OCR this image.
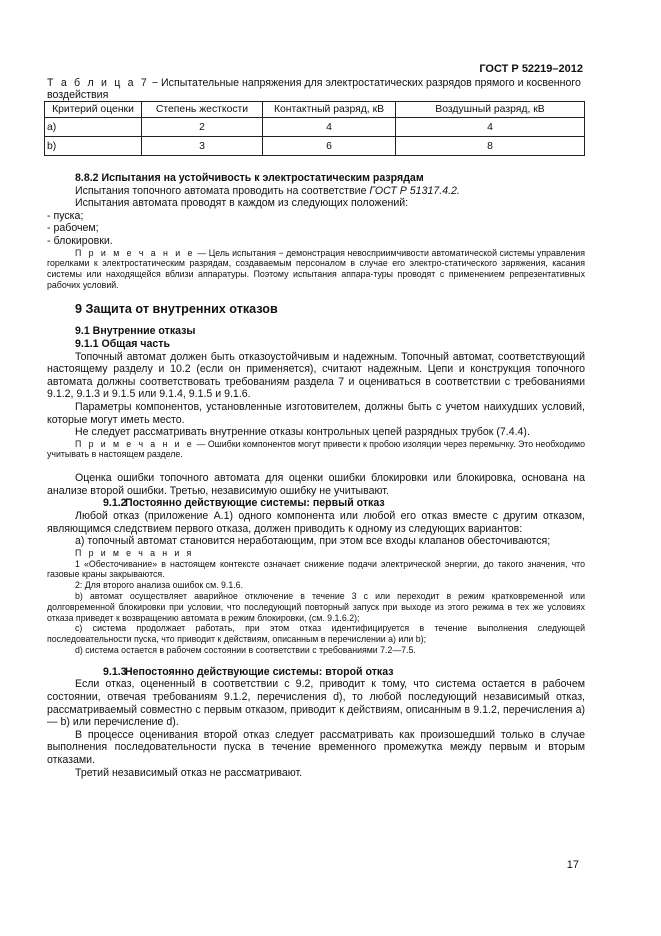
ГОСТ Р 52219–2012
Т а б л и ц а 7 − Испытательные напряжения для электростатических разрядов прямого и косвенного воздействия
Критерий оценки	Степень жесткости	Контактный разряд, кВ	Воздушный разряд, кВ
а)	2	4	4
b)	3	6	8

8.8.2 Испытания на устойчивость к электростатическим разрядам

Испытания топочного автомата проводить на соответствие ГОСТ Р 51317.4.2.

Испытания автомата проводят в каждом из следующих положений:

- пуска;

- рабочем;

- блокировки.

П р и м е ч а н и е — Цель испытания − демонстрация невосприимчивости автоматической системы управления горелками к электростатическим разрядам, создаваемым персоналом в случае его электро-статического заряжения, касания системы или находящейся вблизи аппаратуры. Поэтому испытания аппара-туры проводят с применением репрезентативных рабочих условий.

9 Защита от внутренних отказов

9.1 Внутренние отказы

9.1.1 Общая часть

Топочный автомат должен быть отказоустойчивым и надежным. Топочный автомат, соответствующий настоящему разделу и 10.2 (если он применяется), считают надежным. Цепи и конструкция топочного автомата должны соответствовать требованиям раздела 7 и оцениваться в соответствии с требованиями 9.1.2, 9.1.3 и 9.1.5 или 9.1.4, 9.1.5 и 9.1.6.

Параметры компонентов, установленные изготовителем, должны быть с учетом наихудших условий, которые могут иметь место.

Не следует рассматривать внутренние отказы контрольных цепей разрядных трубок (7.4.4).

П р и м е ч а н и е — Ошибки компонентов могут привести к пробою изоляции через перемычку. Это необходимо учитывать в настоящем разделе.

Оценка ошибки топочного автомата для оценки ошибки блокировки или блокировка, основана на анализе второй ошибки. Третью, независимую ошибку не учитывают.

9.1.2Постоянно действующие системы: первый отказ

Любой отказ (приложение А.1) одного компонента или любой его отказ вместе с другим отказом, являющимся следствием первого отказа, должен приводить к одному из следующих вариантов:

а) топочный автомат становится неработающим, при этом все входы клапанов обесточиваются;

П р и м е ч а н и я

1 «Обесточивание» в настоящем контексте означает снижение подачи электрической энергии, до такого значения, что газовые краны закрываются.

2: Для второго анализа ошибок см. 9.1.6.

b) автомат осуществляет аварийное отключение в течение 3 с или переходит в режим кратковременной или долговременной блокировки при условии, что последующий повторный запуск при выходе из этого режима в тех же условиях отказа приведет к возвращению автомата в режим блокировки, (см. 9.1.6.2);

c) система продолжает работать, при этом отказ идентифицируется в течение выполнения следующей последовательности пуска, что приводит к действиям, описанным в перечислении а) или b);

d) система остается в рабочем состоянии в соответствии с требованиями 7.2—7.5.

9.1.3Непостоянно действующие системы: второй отказ

Если отказ, оцененный в соответствии с 9.2, приводит к тому, что система остается в рабочем состоянии, отвечая требованиям 9.1.2, перечисления d), то любой последующий независимый отказ, рассматриваемый совместно с первым отказом, приводит к действиям, описанным в 9.1.2, перечисления а) — b) или перечисление d).

В процессе оценивания второй отказ следует рассматривать как произошедший только в случае выполнения последовательности пуска в течение временного промежутка между первым и вторым отказами.

Третий независимый отказ не рассматривают.

17
